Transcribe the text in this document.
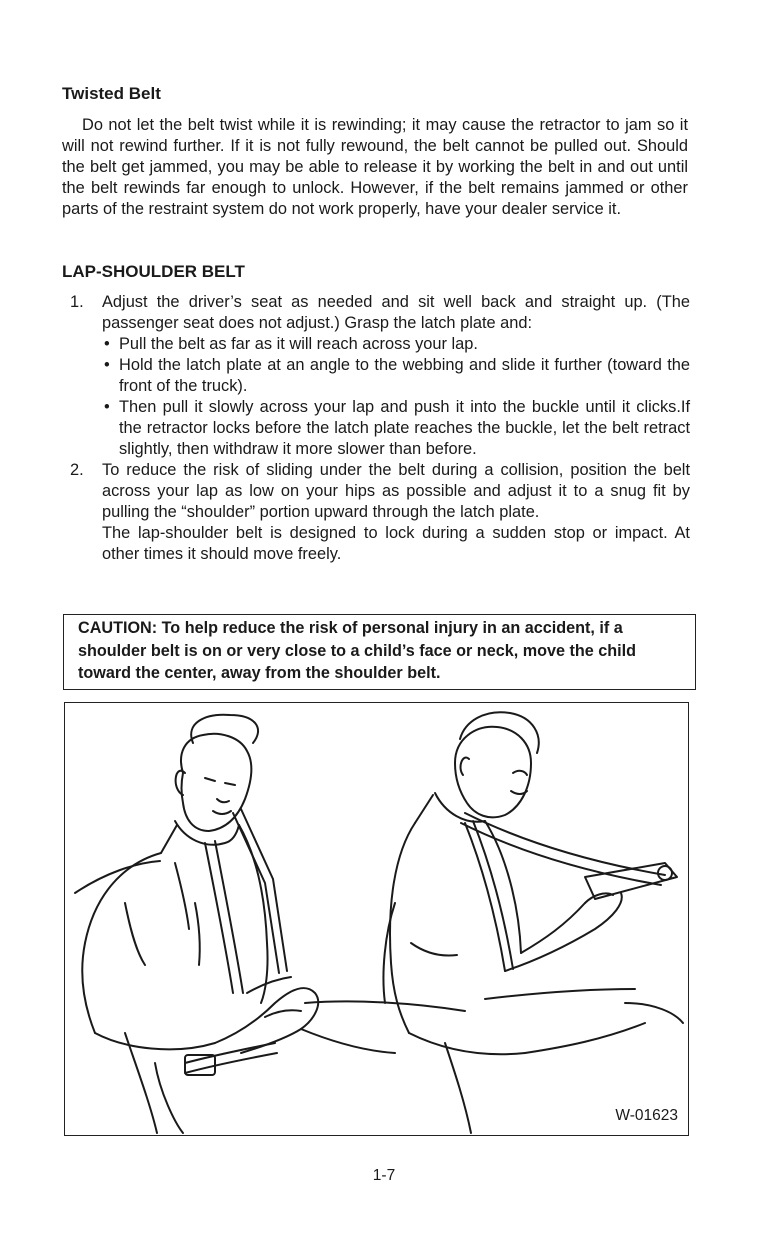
Twisted Belt

Do not let the belt twist while it is rewinding; it may cause the retractor to jam so it will not rewind further. If it is not fully rewound, the belt cannot be pulled out. Should the belt get jammed, you may be able to release it by working the belt in and out until the belt rewinds far enough to unlock. However, if the belt remains jammed or other parts of the restraint system do not work properly, have your dealer service it.

LAP-SHOULDER BELT
1. Adjust the driver’s seat as needed and sit well back and straight up. (The passenger seat does not adjust.) Grasp the latch plate and:

• Pull the belt as far as it will reach across your lap.
• Hold the latch plate at an angle to the webbing and slide it further (toward the front of the truck).
• Then pull it slowly across your lap and push it into the buckle until it clicks.If the retractor locks before the latch plate reaches the buckle, let the belt retract slightly, then withdraw it more slower than before.
2. To reduce the risk of sliding under the belt during a collision, position the belt across your lap as low on your hips as possible and adjust it to a snug fit by pulling the “shoulder” portion upward through the latch plate.

The lap-shoulder belt is designed to lock during a sudden stop or impact. At other times it should move freely.

CAUTION: To help reduce the risk of personal injury in an accident, if a shoulder belt is on or very close to a child’s face or neck, move the child toward the center, away from the shoulder belt.

W-01623
1-7
